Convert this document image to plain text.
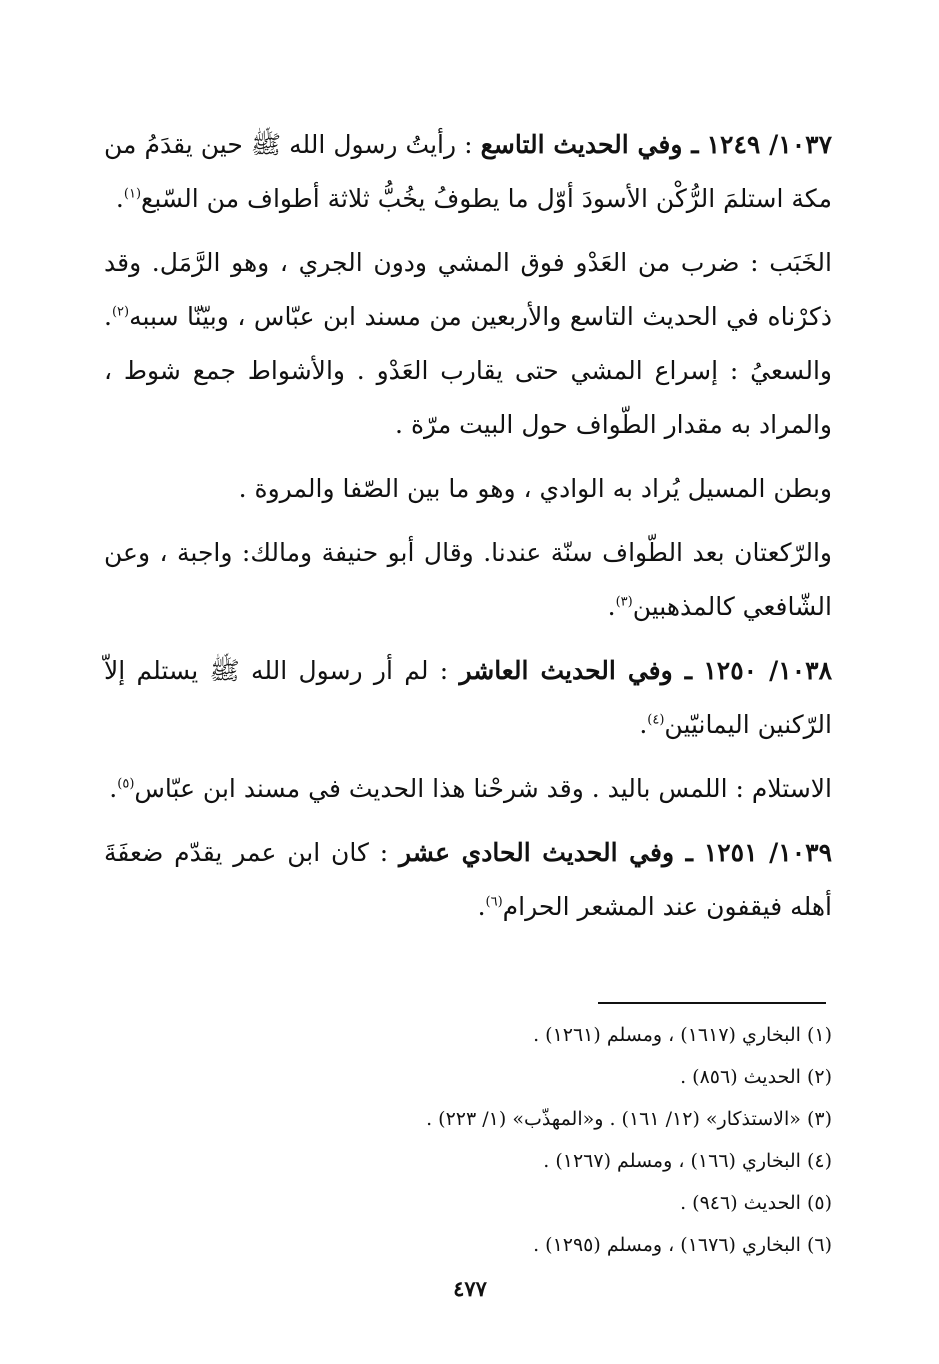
١٠٣٧/ ١٢٤٩ ـ وفي الحديث التاسع : رأيتُ رسول الله ﷺ حين يقدَمُ من مكة استلمَ الرُّكْن الأسودَ أوّل ما يطوفُ يخُبُّ ثلاثة أطواف من السّبع$^{(١)}$.

الخَبَب : ضرب من العَدْو فوق المشي ودون الجري ، وهو الرَّمَل. وقد ذكرْناه في الحديث التاسع والأربعين من مسند ابن عبّاس ، وبيّنّا سببه$^{(٢)}$. والسعيُ : إسراع المشي حتى يقارب العَدْو . والأشواط جمع شوط ، والمراد به مقدار الطّواف حول البيت مرّة .

وبطن المسيل يُراد به الوادي ، وهو ما بين الصّفا والمروة .

والرّكعتان بعد الطّواف سنّة عندنا. وقال أبو حنيفة ومالك: واجبة ، وعن الشّافعي كالمذهبين$^{(٣)}$.

١٠٣٨/ ١٢٥٠ ـ وفي الحديث العاشر : لم أر رسول الله ﷺ يستلم إلاّ الرّكنين اليمانيّين$^{(٤)}$.

الاستلام : اللمس باليد . وقد شرحْنا هذا الحديث في مسند ابن عبّاس$^{(٥)}$.

١٠٣٩/ ١٢٥١ ـ وفي الحديث الحادي عشر : كان ابن عمر يقدّم ضعفَةَ أهله فيقفون عند المشعر الحرام$^{(٦)}$.

(١) البخاري (١٦١٧) ، ومسلم (١٢٦١) .

(٢) الحديث (٨٥٦) .

(٣) «الاستذكار» (١٢/ ١٦١) . و«المهذّب» (١/ ٢٢٣) .

(٤) البخاري (١٦٦) ، ومسلم (١٢٦٧) .

(٥) الحديث (٩٤٦) .

(٦) البخاري (١٦٧٦) ، ومسلم (١٢٩٥) .

٤٧٧
